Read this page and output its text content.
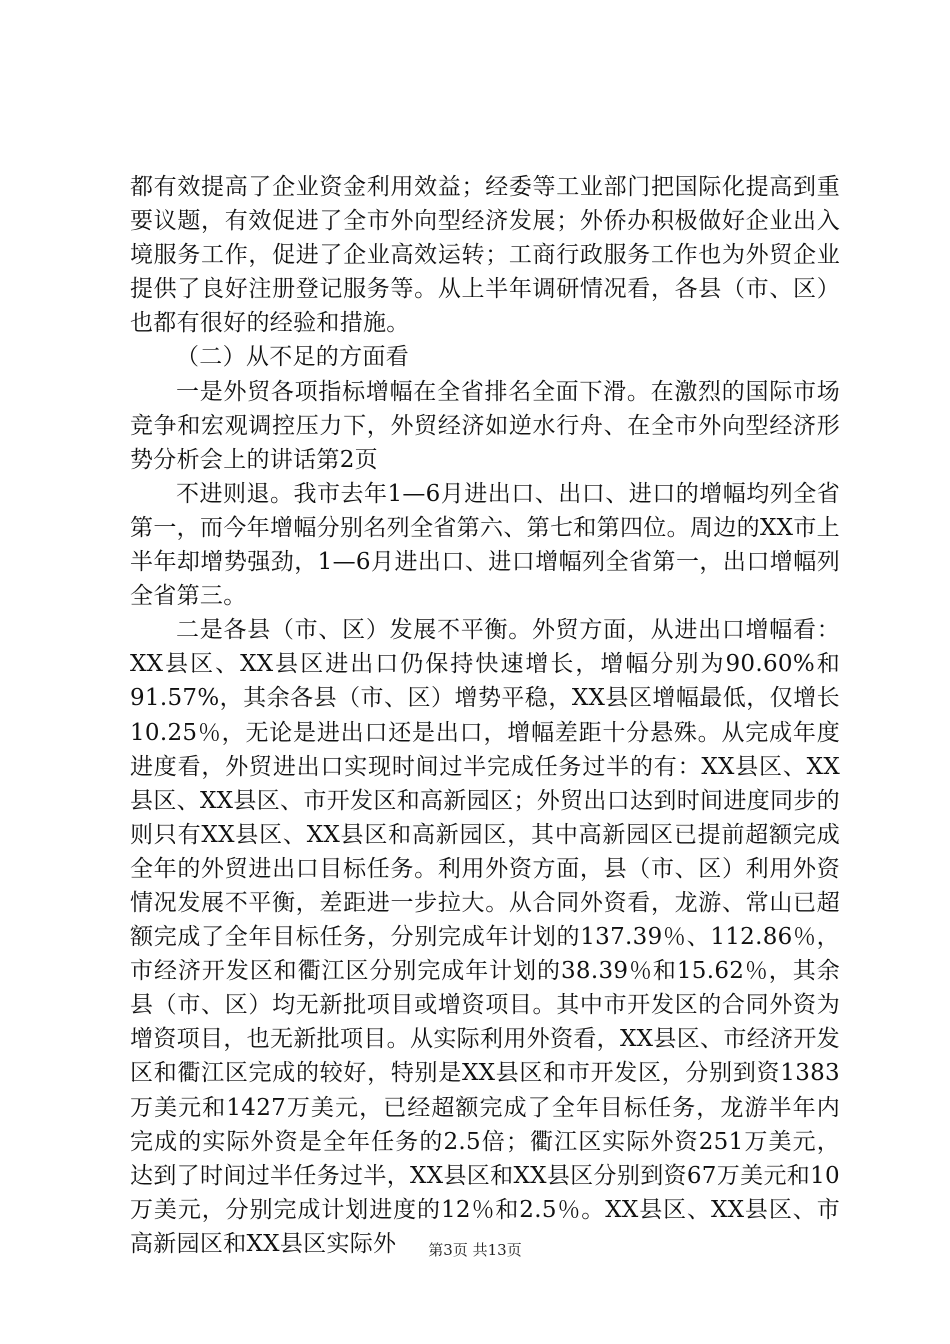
都有效提高了企业资金利用效益；经委等工业部门把国际化提高到重要议题，有效促进了全市外向型经济发展；外侨办积极做好企业出入境服务工作，促进了企业高效运转；工商行政服务工作也为外贸企业提供了良好注册登记服务等。从上半年调研情况看，各县（市、区）也都有很好的经验和措施。

（二）从不足的方面看

一是外贸各项指标增幅在全省排名全面下滑。在激烈的国际市场竞争和宏观调控压力下，外贸经济如逆水行舟、在全市外向型经济形势分析会上的讲话第2页

不进则退。我市去年1—6月进出口、出口、进口的增幅均列全省第一，而今年增幅分别名列全省第六、第七和第四位。周边的XX市上半年却增势强劲，1—6月进出口、进口增幅列全省第一，出口增幅列全省第三。

二是各县（市、区）发展不平衡。外贸方面，从进出口增幅看：XX县区、XX县区进出口仍保持快速增长，增幅分别为90.60%和91.57%，其余各县（市、区）增势平稳，XX县区增幅最低，仅增长10.25％，无论是进出口还是出口，增幅差距十分悬殊。从完成年度进度看，外贸进出口实现时间过半完成任务过半的有：XX县区、XX县区、XX县区、市开发区和高新园区；外贸出口达到时间进度同步的则只有XX县区、XX县区和高新园区，其中高新园区已提前超额完成全年的外贸进出口目标任务。利用外资方面，县（市、区）利用外资情况发展不平衡，差距进一步拉大。从合同外资看，龙游、常山已超额完成了全年目标任务，分别完成年计划的137.39％、112.86％，市经济开发区和衢江区分别完成年计划的38.39％和15.62％，其余县（市、区）均无新批项目或增资项目。其中市开发区的合同外资为增资项目，也无新批项目。从实际利用外资看，XX县区、市经济开发区和衢江区完成的较好，特别是XX县区和市开发区，分别到资1383万美元和1427万美元，已经超额完成了全年目标任务，龙游半年内完成的实际外资是全年任务的2.5倍；衢江区实际外资251万美元，达到了时间过半任务过半，XX县区和XX县区分别到资67万美元和10万美元，分别完成计划进度的12％和2.5％。XX县区、XX县区、市高新园区和XX县区实际外	第3页 共13页
